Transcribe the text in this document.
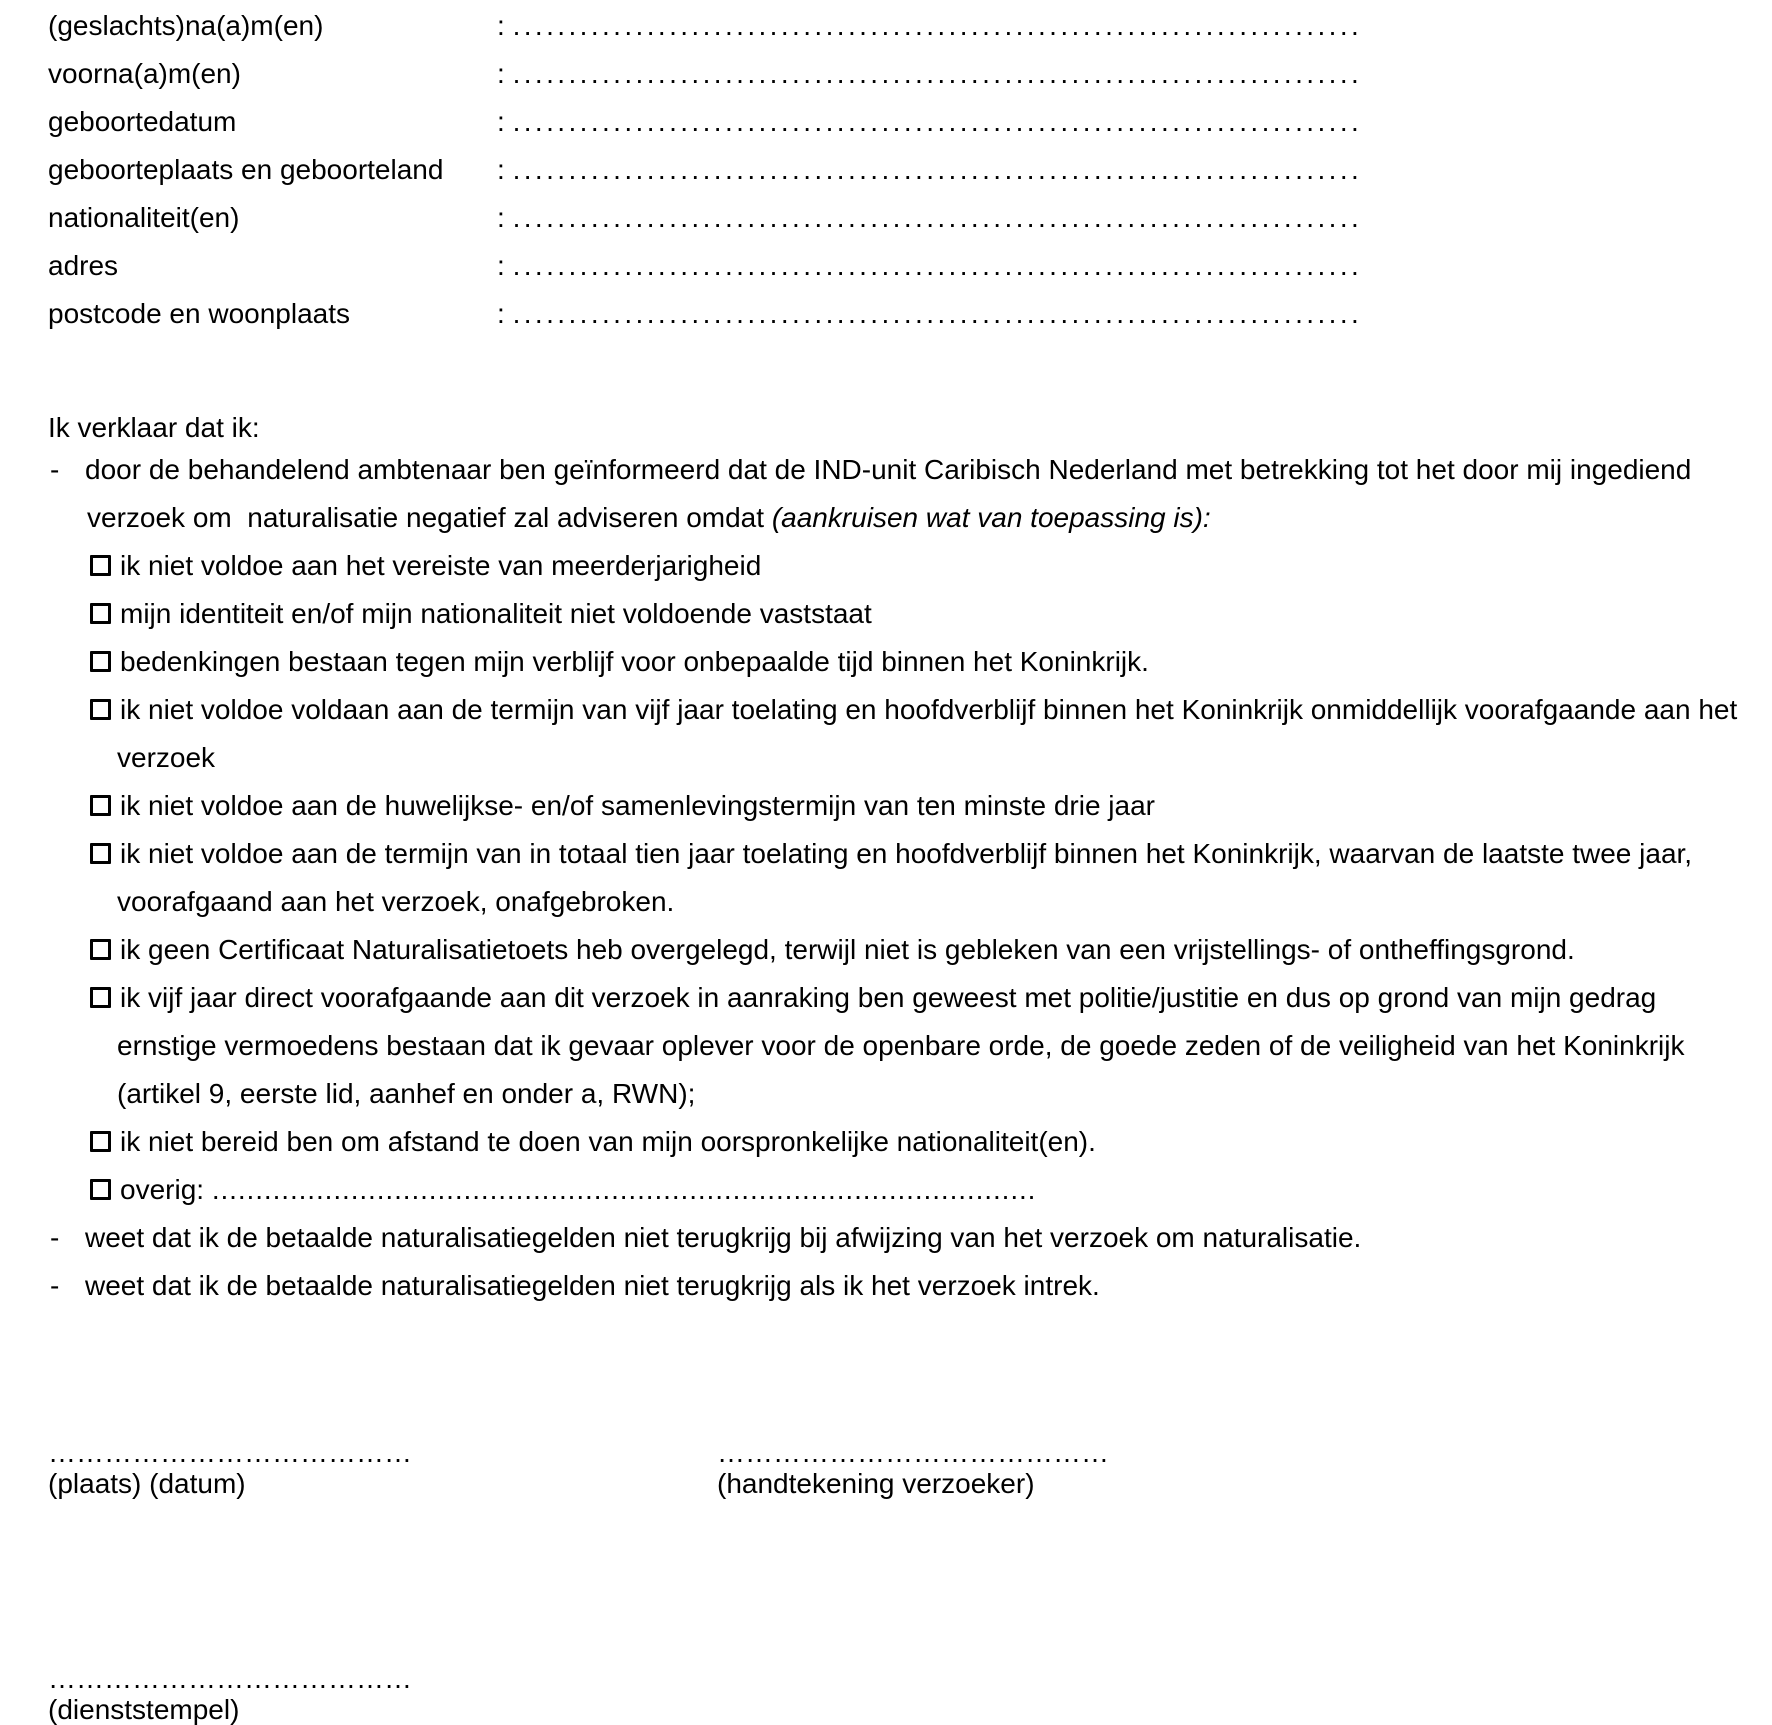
(geslachts)na(a)m(en)	: ............................................................................
voorna(a)m(en)	: ............................................................................
geboortedatum	: ............................................................................
geboorteplaats en geboorteland	: ............................................................................
nationaliteit(en)	: ............................................................................
adres	: ............................................................................
postcode en woonplaats	: ............................................................................
Ik verklaar dat ik:
- door de behandelend ambtenaar ben geïnformeerd dat de IND-unit Caribisch Nederland met betrekking tot het door mij ingediend
verzoek om  naturalisatie negatief zal adviseren omdat (aankruisen wat van toepassing is):
ik niet voldoe aan het vereiste van meerderjarigheid
mijn identiteit en/of mijn nationaliteit niet voldoende vaststaat
bedenkingen bestaan tegen mijn verblijf voor onbepaalde tijd binnen het Koninkrijk.
ik niet voldoe voldaan aan de termijn van vijf jaar toelating en hoofdverblijf binnen het Koninkrijk onmiddellijk voorafgaande aan het
verzoek
ik niet voldoe aan de huwelijkse- en/of samenlevingstermijn van ten minste drie jaar
ik niet voldoe aan de termijn van in totaal tien jaar toelating en hoofdverblijf binnen het Koninkrijk, waarvan de laatste twee jaar,
voorafgaand aan het verzoek, onafgebroken.
ik geen Certificaat Naturalisatietoets heb overgelegd, terwijl niet is gebleken van een vrijstellings- of ontheffingsgrond.
ik vijf jaar direct voorafgaande aan dit verzoek in aanraking ben geweest met politie/justitie en dus op grond van mijn gedrag
ernstige vermoedens bestaan dat ik gevaar oplever voor de openbare orde, de goede zeden of de veiligheid van het Koninkrijk
(artikel 9, eerste lid, aanhef en onder a, RWN);
ik niet bereid ben om afstand te doen van mijn oorspronkelijke nationaliteit(en).
overig: ...............................................................................................
- weet dat ik de betaalde naturalisatiegelden niet terugkrijg bij afwijzing van het verzoek om naturalisatie.
- weet dat ik de betaalde naturalisatiegelden niet terugkrijg als ik het verzoek intrek.
…………………………………	……………………………………
(plaats) (datum)	(handtekening verzoeker)
…………………………………
(dienststempel)
